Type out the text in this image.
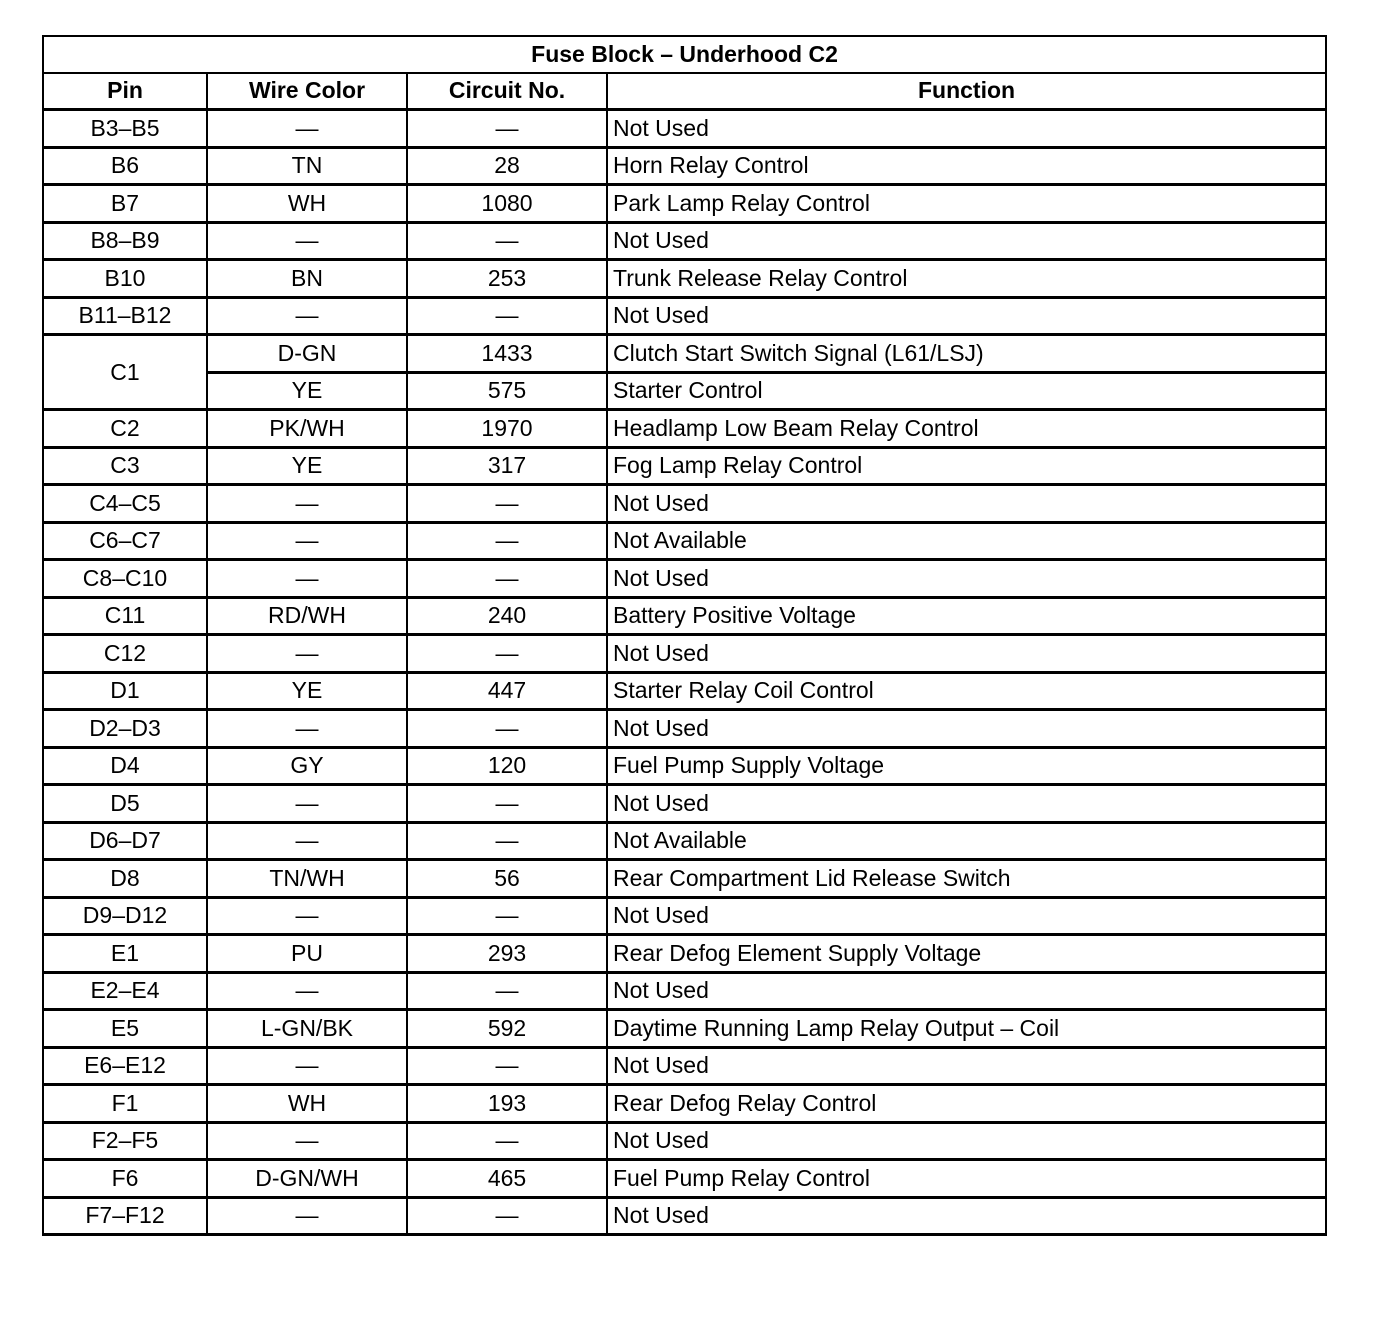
Fuse Block – Underhood C2			
Pin	Wire Color	Circuit No.	Function
B3–B5	—	—	Not Used
B6	TN	28	Horn Relay Control
B7	WH	1080	Park Lamp Relay Control
B8–B9	—	—	Not Used
B10	BN	253	Trunk Release Relay Control
B11–B12	—	—	Not Used
C1	D-GN	1433	Clutch Start Switch Signal (L61/LSJ)
	YE	575	Starter Control
C2	PK/WH	1970	Headlamp Low Beam Relay Control
C3	YE	317	Fog Lamp Relay Control
C4–C5	—	—	Not Used
C6–C7	—	—	Not Available
C8–C10	—	—	Not Used
C11	RD/WH	240	Battery Positive Voltage
C12	—	—	Not Used
D1	YE	447	Starter Relay Coil Control
D2–D3	—	—	Not Used
D4	GY	120	Fuel Pump Supply Voltage
D5	—	—	Not Used
D6–D7	—	—	Not Available
D8	TN/WH	56	Rear Compartment Lid Release Switch
D9–D12	—	—	Not Used
E1	PU	293	Rear Defog Element Supply Voltage
E2–E4	—	—	Not Used
E5	L-GN/BK	592	Daytime Running Lamp Relay Output – Coil
E6–E12	—	—	Not Used
F1	WH	193	Rear Defog Relay Control
F2–F5	—	—	Not Used
F6	D-GN/WH	465	Fuel Pump Relay Control
F7–F12	—	—	Not Used
